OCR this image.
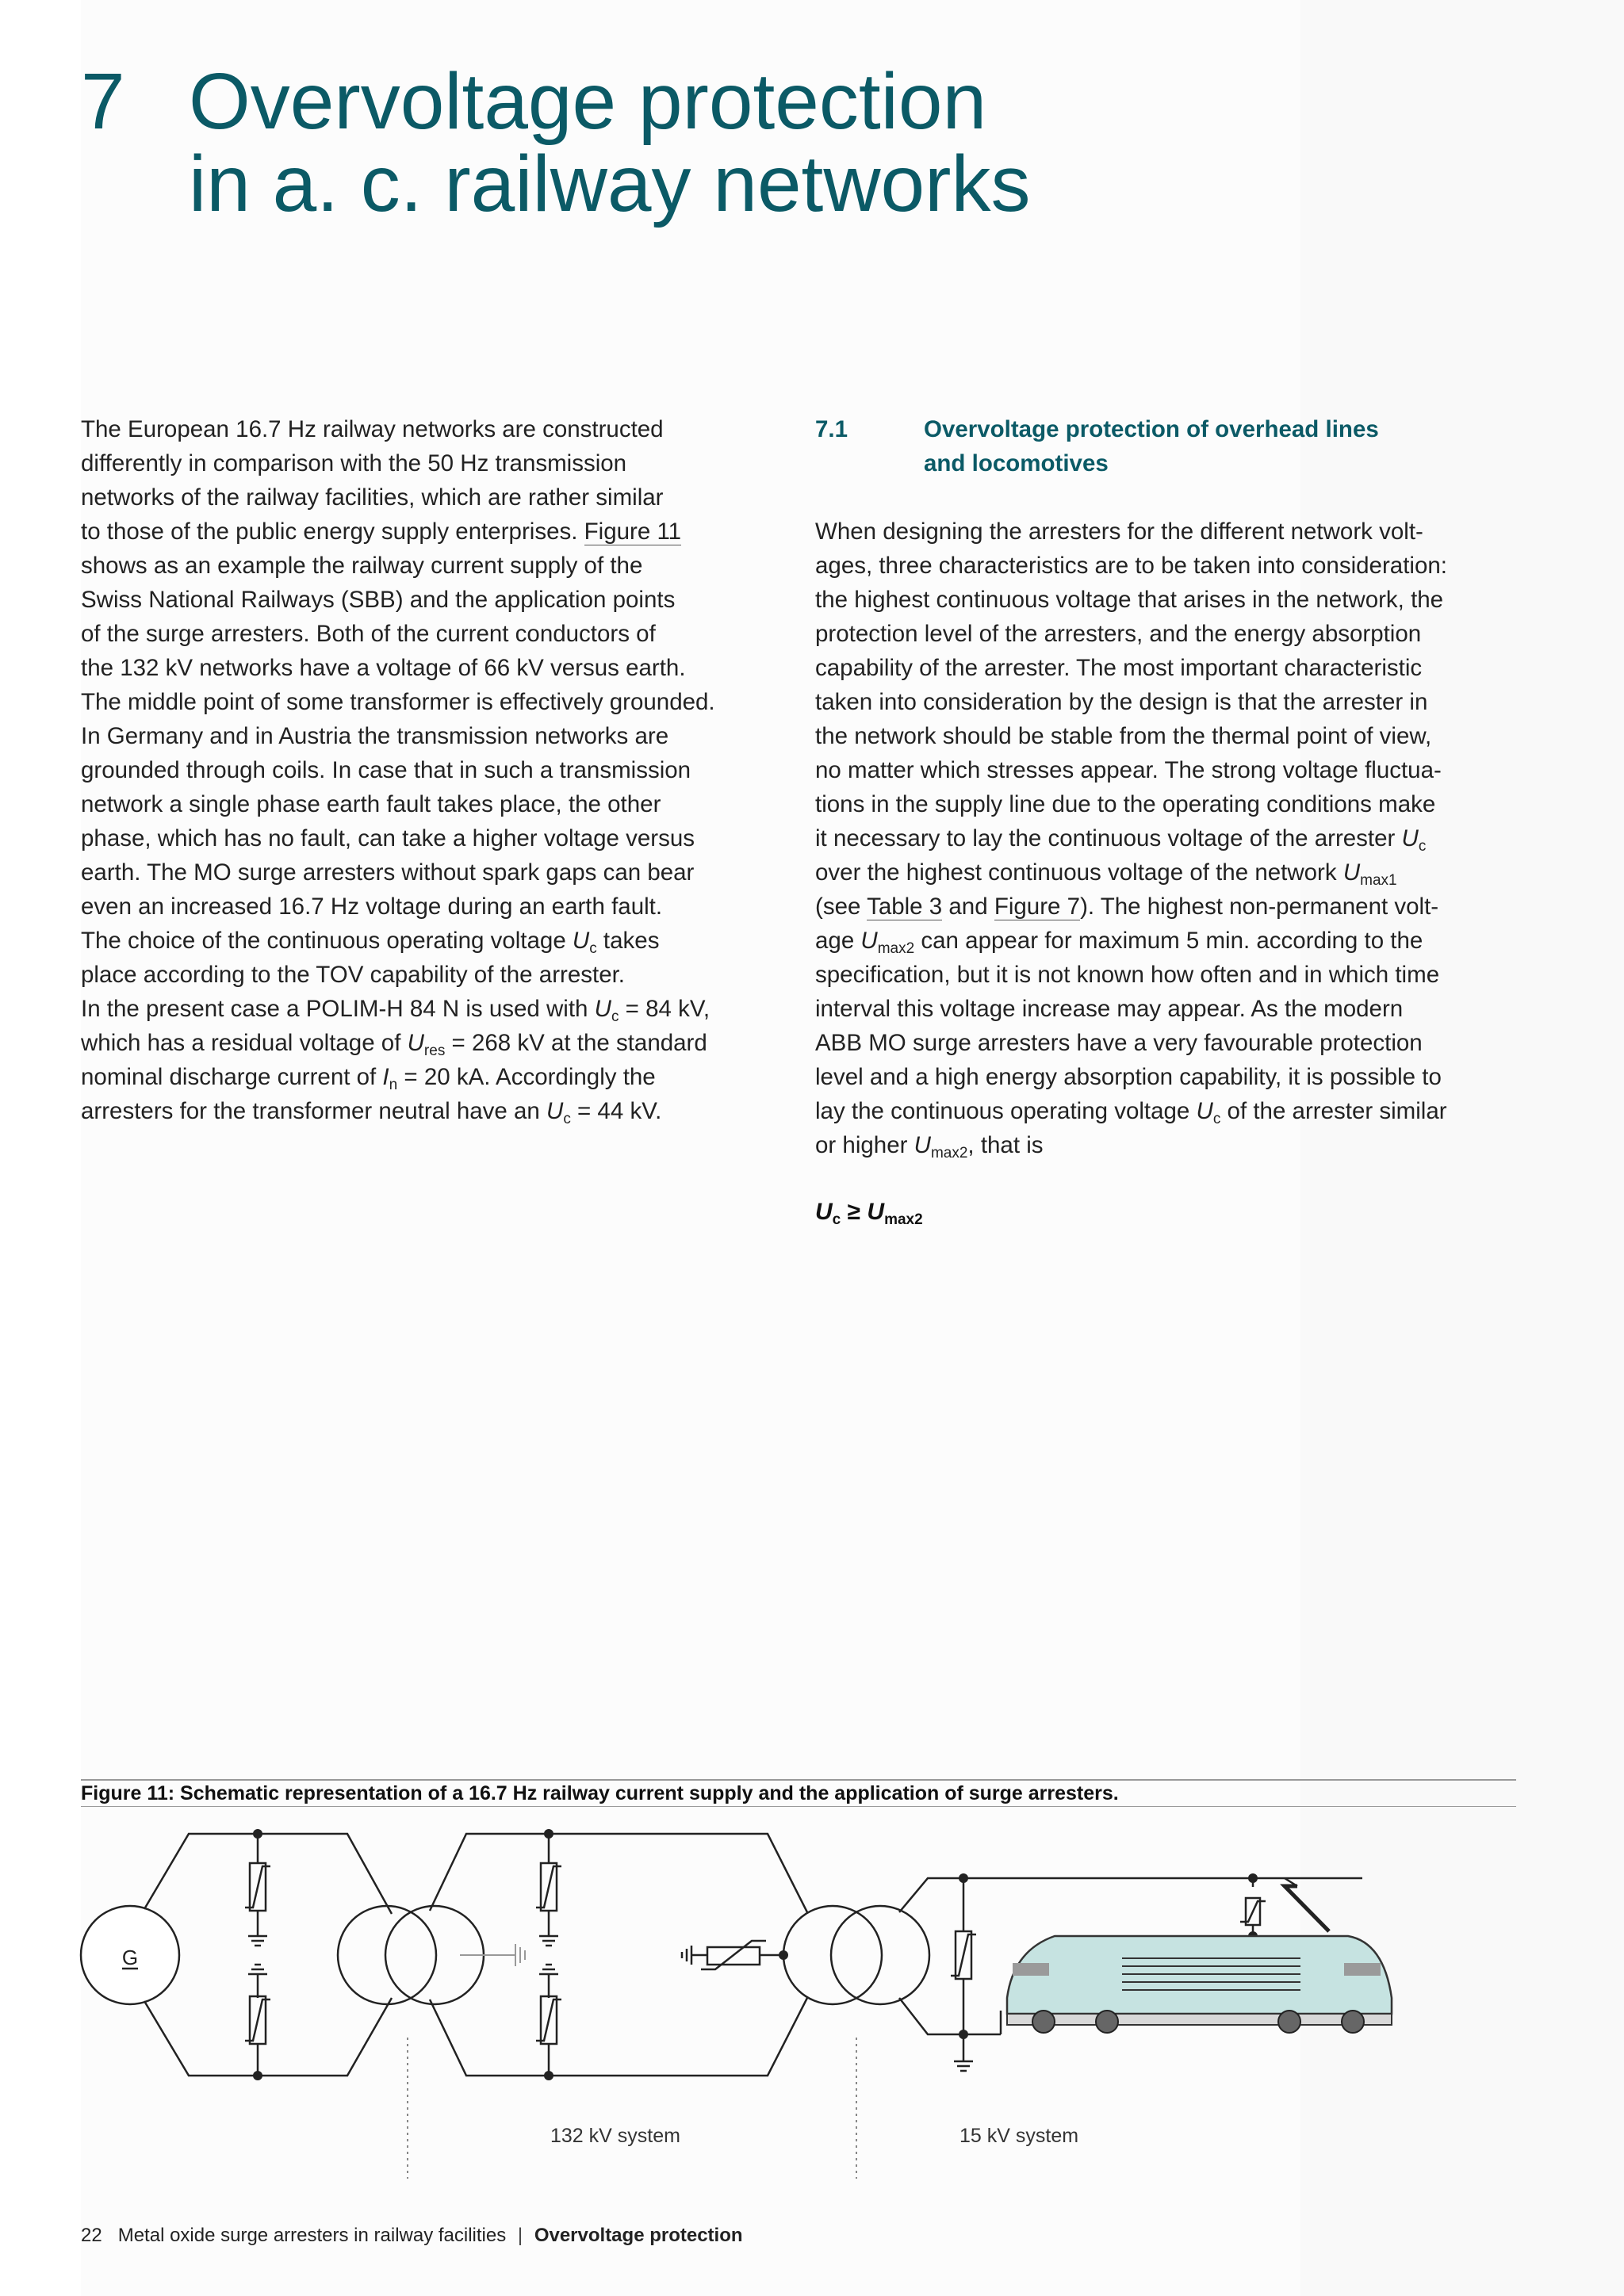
7 Overvoltage protection
in a. c. railway networks
The European 16.7 Hz railway networks are constructed
differently in comparison with the 50 Hz transmission
networks of the railway facilities, which are rather similar
to those of the public energy supply enterprises. Figure 11
shows as an example the railway current supply of the
Swiss National Railways (SBB) and the application points
of the surge arresters. Both of the current conductors of
the 132 kV networks have a voltage of 66 kV versus earth.
The middle point of some transformer is effectively grounded.
In Germany and in Austria the transmission networks are
grounded through coils. In case that in such a transmission
network a single phase earth fault takes place, the other
phase, which has no fault, can take a higher voltage versus
earth. The MO surge arresters without spark gaps can bear
even an increased 16.7 Hz voltage during an earth fault.
The choice of the continuous operating voltage $U_c$ takes
place according to the TOV capability of the arrester.
In the present case a POLIM-H 84 N is used with $U_c = 84$ kV,
which has a residual voltage of $U_{res} = 268$ kV at the standard
nominal discharge current of $I_n = 20$ kA. Accordingly the
arresters for the transformer neutral have an $U_c = 44$ kV.
7.1	Overvoltage protection of overhead lines
and locomotives
When designing the arresters for the different network volt-
ages, three characteristics are to be taken into consideration:
the highest continuous voltage that arises in the network, the
protection level of the arresters, and the energy absorption
capability of the arrester. The most important characteristic
taken into consideration by the design is that the arrester in
the network should be stable from the thermal point of view,
no matter which stresses appear. The strong voltage fluctua-
tions in the supply line due to the operating conditions make
it necessary to lay the continuous voltage of the arrester $U_c$
over the highest continuous voltage of the network $U_{max1}$
(see Table 3 and Figure 7). The highest non-permanent volt-
age $U_{max2}$ can appear for maximum 5 min. according to the
specification, but it is not known how often and in which time
interval this voltage increase may appear. As the modern
ABB MO surge arresters have a very favourable protection
level and a high energy absorption capability, it is possible to
lay the continuous operating voltage $U_c$ of the arrester similar
or higher $U_{max2}$, that is
$U_c \ge U_{max2}$
Figure 11: Schematic representation of a 16.7 Hz railway current supply and the application of surge arresters.
G
132 kV system	15 kV system
22 Metal oxide surge arresters in railway facilities | Overvoltage protection
